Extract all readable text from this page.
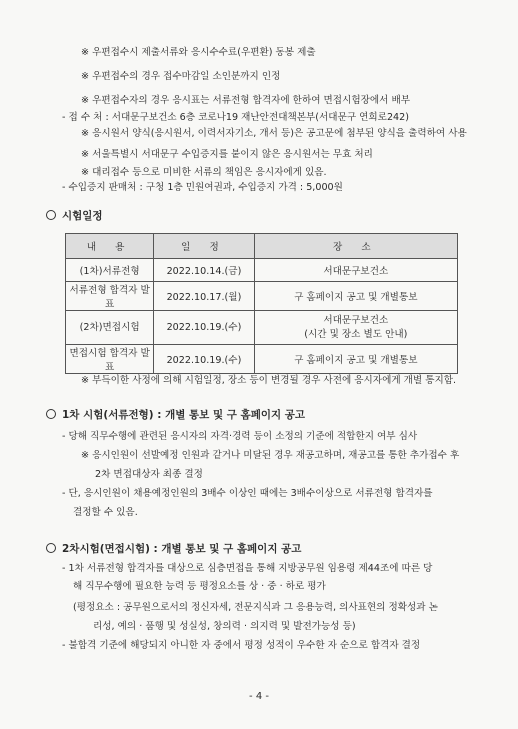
※ 우편접수시 제출서류와 응시수수료(우편환) 동봉 제출
※ 우편접수의 경우 접수마감일 소인분까지 인정
※ 우편접수자의 경우 응시표는 서류전형 합격자에 한하여 면접시험장에서 배부
- 접 수 처 : 서대문구보건소 6층 코로나19 재난안전대책본부(서대문구 연희로242)
※ 응시원서 양식(응시원서, 이력서자기소, 개서 등)은 공고문에 첨부된 양식을 출력하여 사용
※ 서울특별시 서대문구 수입증지를 붙이지 않은 응시원서는 무효 처리
※ 대리접수 등으로 미비한 서류의 책임은 응시자에게 있음.
- 수입증지 판매처 : 구청 1층 민원여권과, 수입증지 가격 : 5,000원
시험일정
내 용	일 정	장 소
(1차)서류전형	2022.10.14.(금)	서대문구보건소
서류전형 합격자 발표	2022.10.17.(월)	구 홈페이지 공고 및 개별통보
(2차)면접시험	2022.10.19.(수)	서대문구보건소
(시간 및 장소 별도 안내)

면접시험 합격자 발표	2022.10.19.(수)	구 홈페이지 공고 및 개별통보
※ 부득이한 사정에 의해 시험일정, 장소 등이 변경될 경우 사전에 응시자에게 개별 통지함.
1차 시험(서류전형) : 개별 통보 및 구 홈페이지 공고
- 당해 직무수행에 관련된 응시자의 자격·경력 등이 소정의 기준에 적합한지 여부 심사
※ 응시인원이 선발예정 인원과 같거나 미달된 경우 재공고하며, 재공고를 통한 추가접수 후
2차 면접대상자 최종 결정
- 단, 응시인원이 채용예정인원의 3배수 이상인 때에는 3배수이상으로 서류전형 합격자를
결정할 수 있음.
2차시험(면접시험) : 개별 통보 및 구 홈페이지 공고
- 1차 서류전형 합격자를 대상으로 심층면접을 통해 지방공무원 임용령 제44조에 따른 당
해 직무수행에 필요한 능력 등 평정요소를 상 · 중 · 하로 평가
(평정요소 : 공무원으로서의 정신자세, 전문지식과 그 응용능력, 의사표현의 정확성과 논
리성, 예의 · 품행 및 성실성, 창의력 · 의지력 및 발전가능성 등)
- 불합격 기준에 해당되지 아니한 자 중에서 평정 성적이 우수한 자 순으로 합격자 결정
- 4 -
